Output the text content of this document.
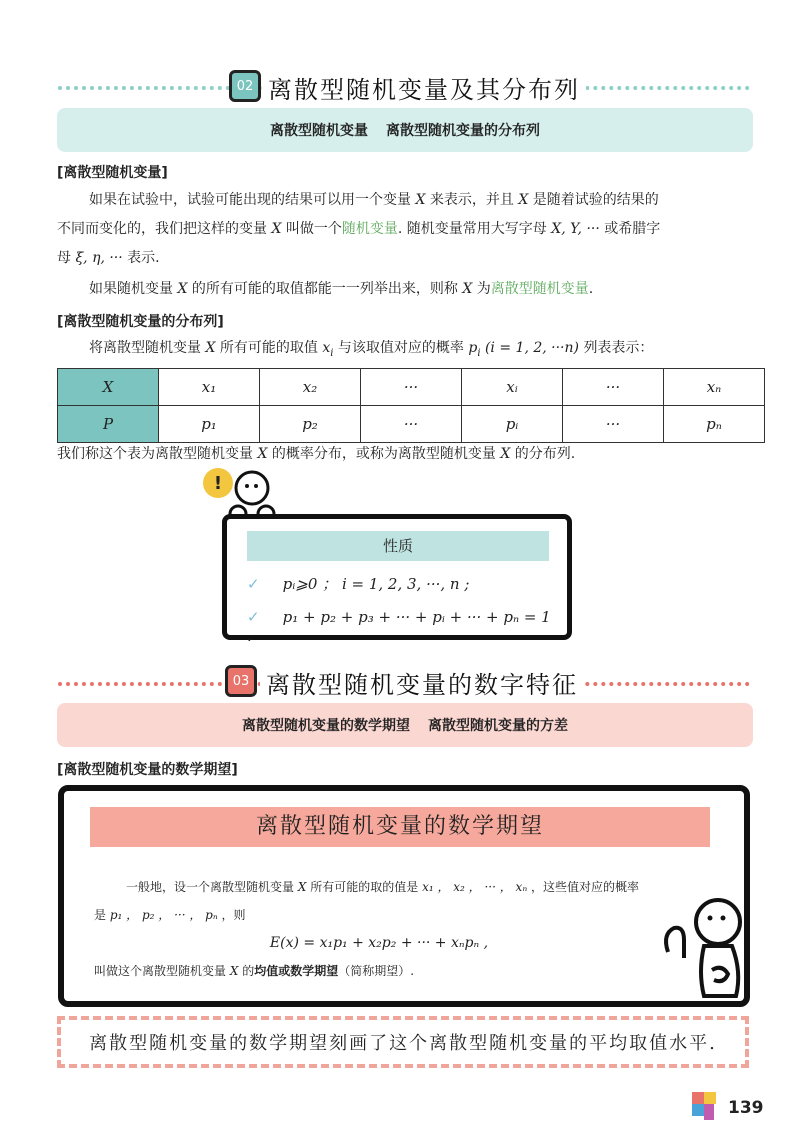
02 离散型随机变量及其分布列
离散型随机变量 离散型随机变量的分布列
[离散型随机变量]
如果在试验中，试验可能出现的结果可以用一个变量 X 来表示，并且 X 是随着试验的结果的
不同而变化的，我们把这样的变量 X 叫做一个随机变量. 随机变量常用大写字母 X, Y, ··· 或希腊字
母 ξ, η, ··· 表示.
如果随机变量 X 的所有可能的取值都能一一列举出来，则称 X 为离散型随机变量.
[离散型随机变量的分布列]
将离散型随机变量 X 所有可能的取值 $x_i$ 与该取值对应的概率 $p_i$ (i = 1, 2, ···n) 列表表示：
X	x₁	x₂	···	xᵢ	···	xₙ
P	p₁	p₂	···	pᵢ	···	pₙ
我们称这个表为离散型随机变量 X 的概率分布，或称为离散型随机变量 X 的分布列.
!
性质
✓ pᵢ⩾0 ； i = 1, 2, 3, ···, n ;
✓ p₁ + p₂ + p₃ + ··· + pᵢ + ··· + pₙ = 1 .
03 离散型随机变量的数字特征
离散型随机变量的数学期望 离散型随机变量的方差
[离散型随机变量的数学期望]
离散型随机变量的数学期望
一般地，设一个离散型随机变量 X 所有可能的取的值是 x₁ ， x₂ ， ··· ， xₙ ，这些值对应的概率
是 p₁ ， p₂ ， ··· ， pₙ ，则
E(x) = x₁p₁ + x₂p₂ + ··· + xₙpₙ ,
叫做这个离散型随机变量 X 的均值或数学期望（简称期望）.
离散型随机变量的数学期望刻画了这个离散型随机变量的平均取值水平.
139
